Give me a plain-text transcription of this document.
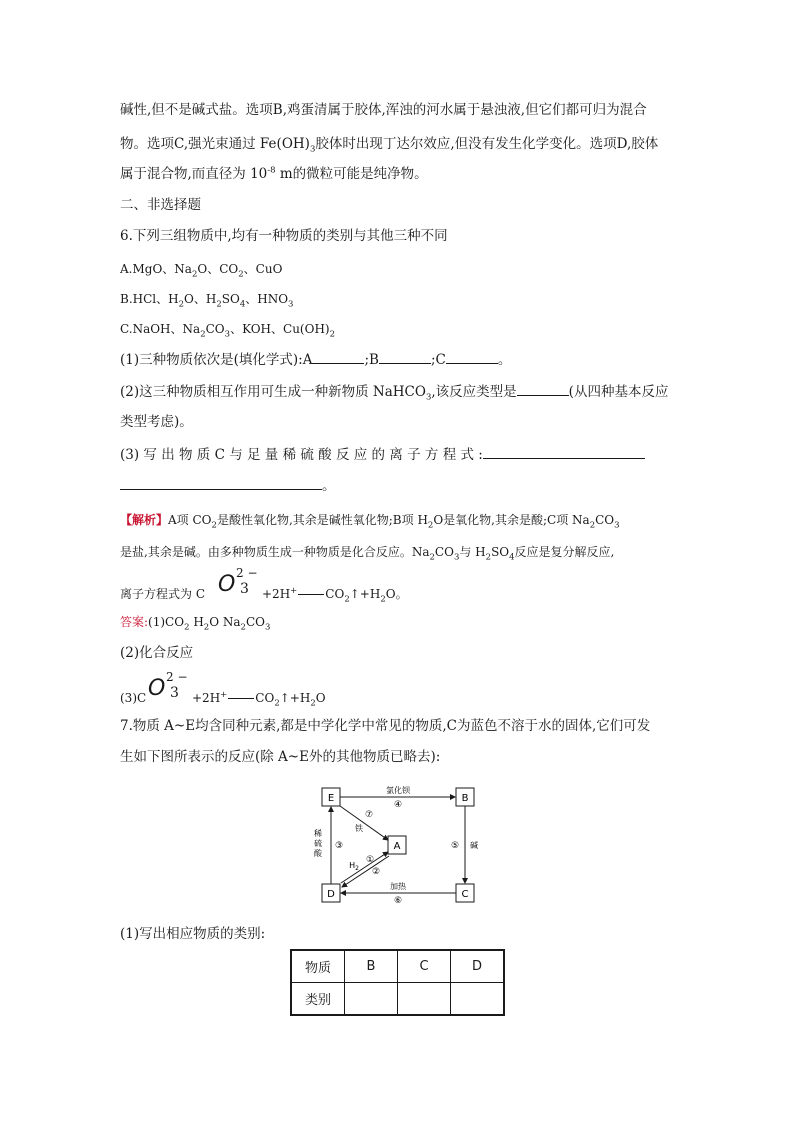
碱性,但不是碱式盐。选项B,鸡蛋清属于胶体,浑浊的河水属于悬浊液,但它们都可归为混合
物。选项C,强光束通过 $Fe(OH)_3$胶体时出现丁达尔效应,但没有发生化学变化。选项D,胶体
属于混合物,而直径为 $10^{-8}$ m的微粒可能是纯净物。
二、非选择题
6.下列三组物质中,均有一种物质的类别与其他三种不同
A.MgO、$Na_2O$、$CO_2$、CuO
B.HCl、$H_2O$、$H_2SO_4$、$HNO_3$
C.NaOH、$Na_2CO_3$、KOH、$Cu(OH)_2$
(1)三种物质依次是(填化学式):A	;B	;C	。
(2)这三种物质相互作用可生成一种新物质 NaHCO$_3$,该反应类型是	(从四种基本反应
类型考虑)。
(3) 写 出 物 质 C 与 足 量 稀 硫 酸 反 应 的 离 子 方 程 式 :
。
【解析】A项 $CO_2$是酸性氧化物,其余是碱性氧化物;B项 $H_2O$是氧化物,其余是酸;C项 $Na_2CO_3$
是盐,其余是碱。由多种物质生成一种物质是化合反应。$Na_2CO_3$与 $H_2SO_4$反应是复分解反应,
离子方程式为 C O 2 −
3 +2H+ $CO_2↑+H_2O$。
答案$:(1)CO_2$ $H_2O$ $Na_2CO_3$
(2)化合反应
(3)C O 2 −
3 +2H+ $CO_2↑+H_2O$
7.物质 A~E均含同种元素,都是中学化学中常见的物质,C为蓝色不溶于水的固体,它们可发
生如下图所表示的反应(除 A~E外的其他物质已略去):
E	B
A
D	C
氯化钡
④
⑤ 碱
加热
⑥
稀
硫
酸
③
⑦
铁
$H_2$
①
②
(1)写出相应物质的类别:
物质	B	C	D
类别			
